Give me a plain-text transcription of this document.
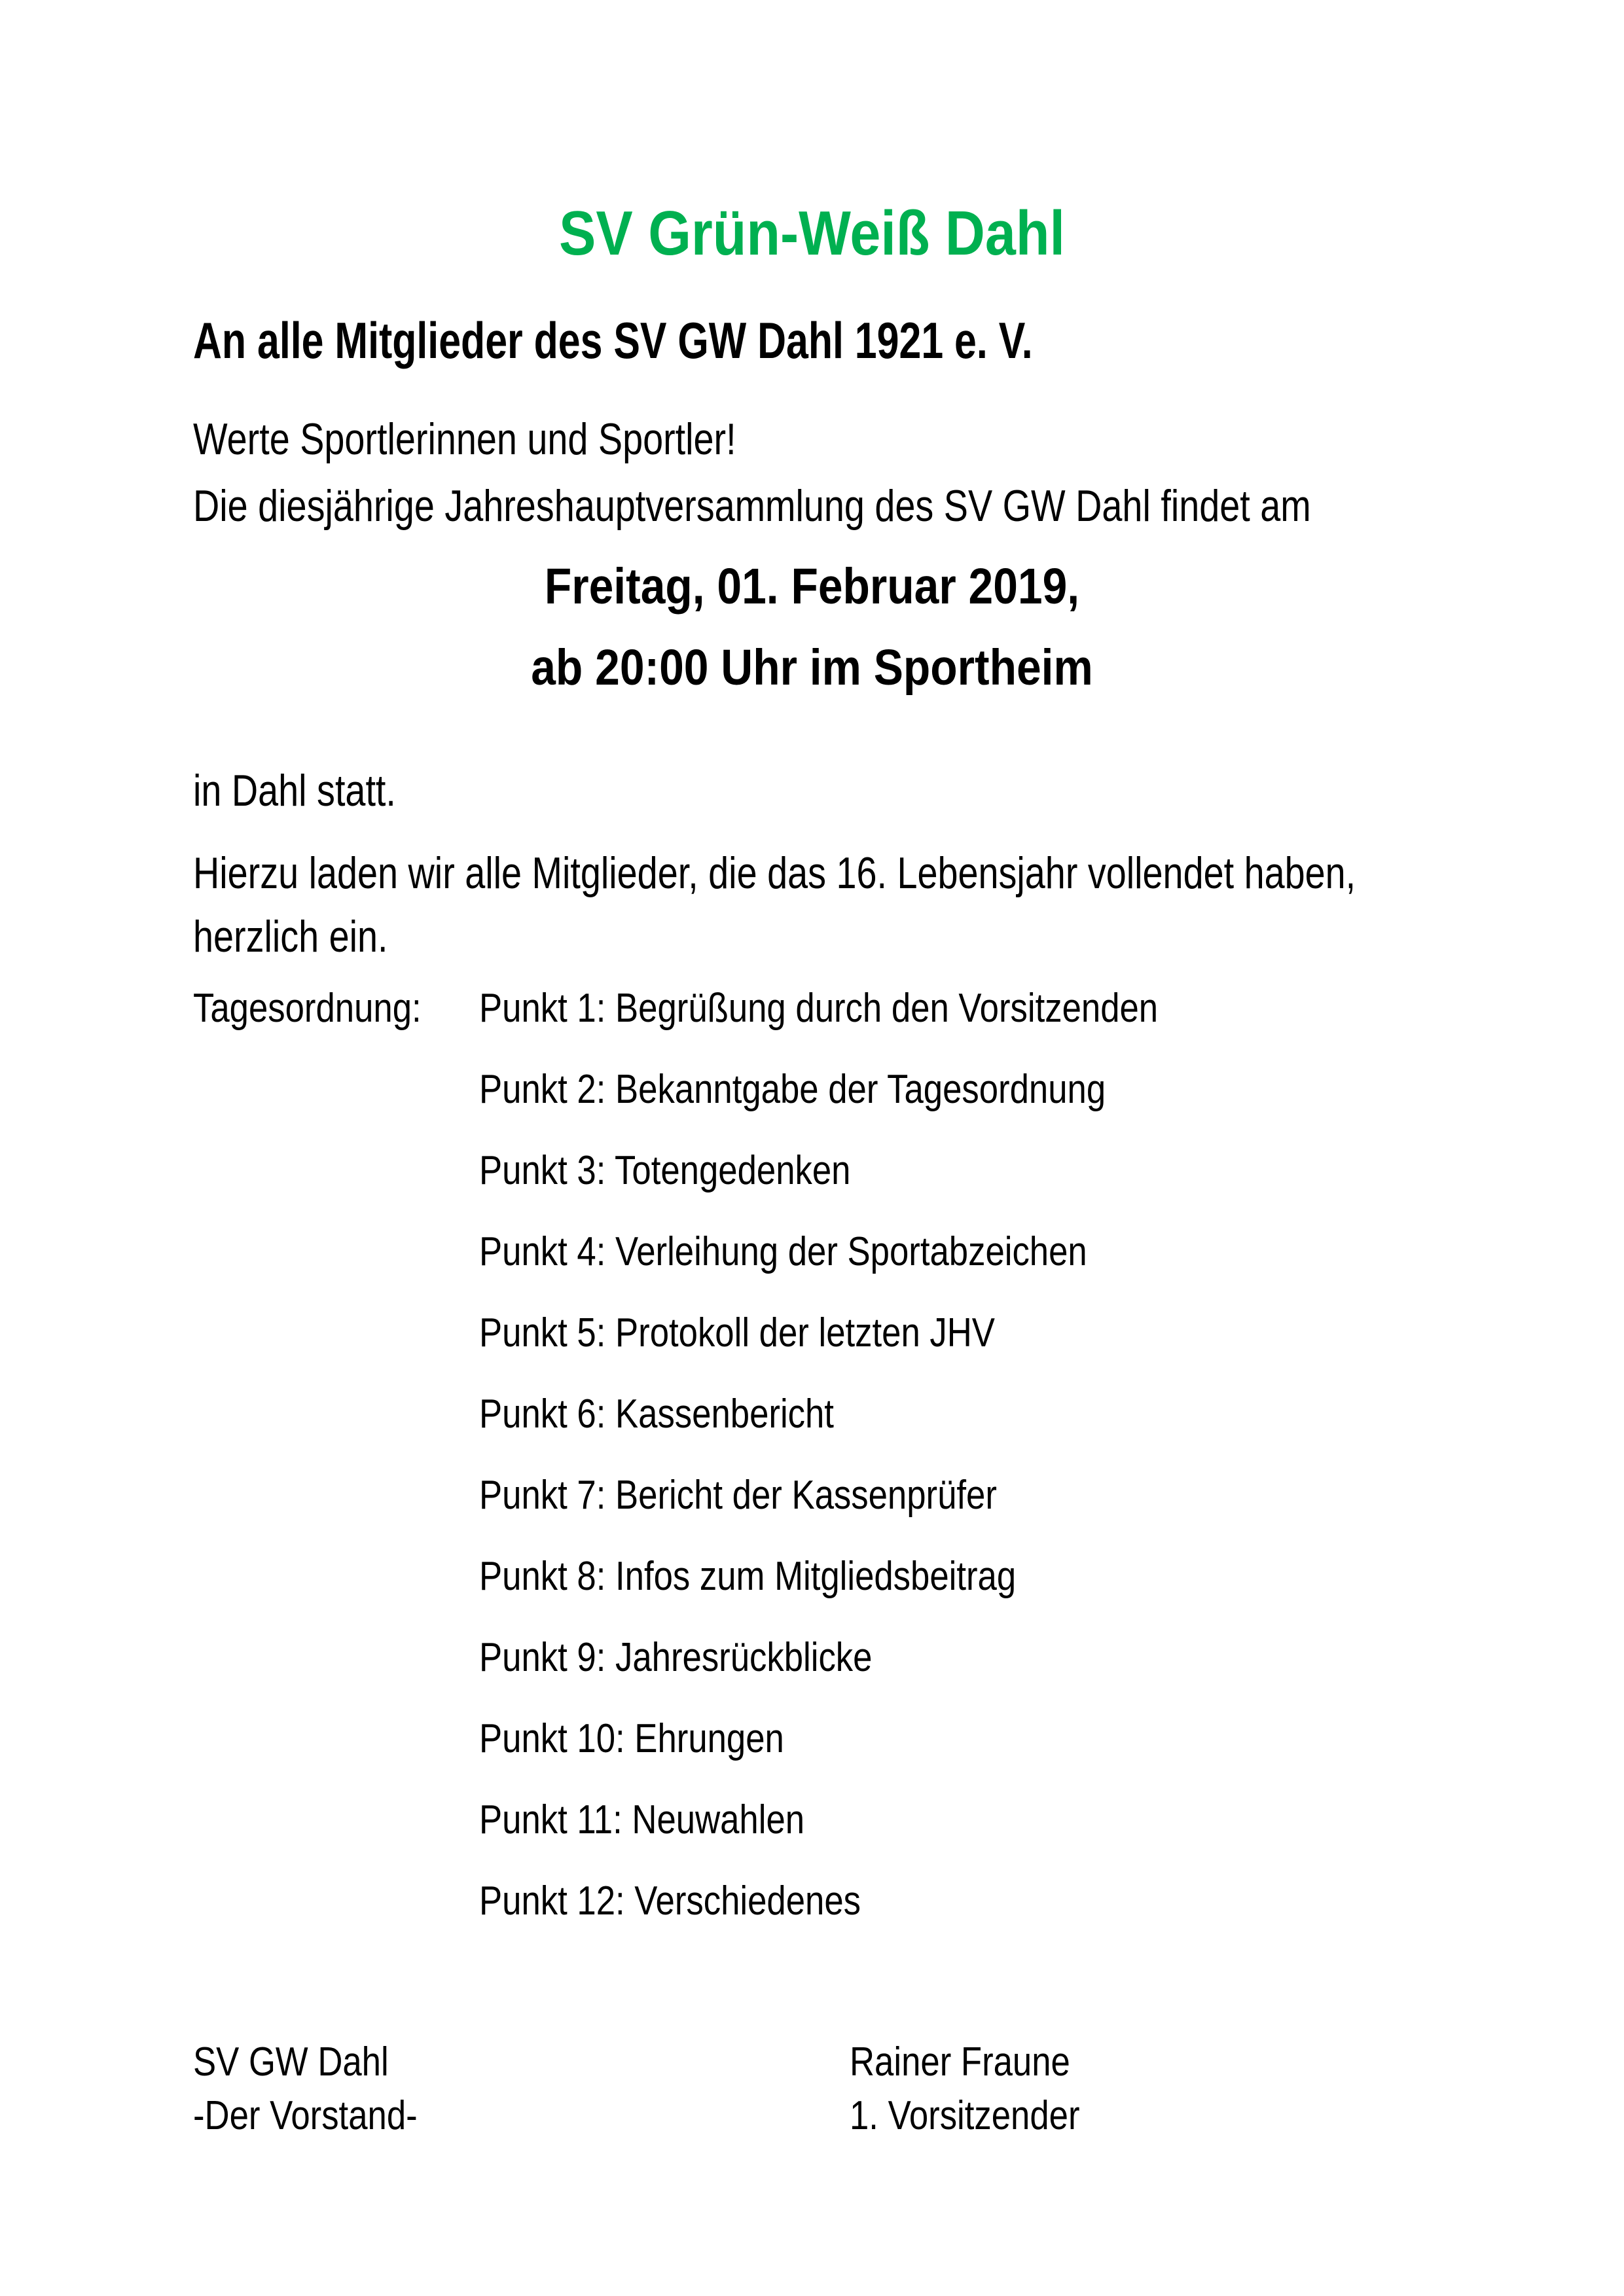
SV Grün-Weiß Dahl
An alle Mitglieder des SV GW Dahl 1921 e. V.
Werte Sportlerinnen und Sportler!
Die diesjährige Jahreshauptversammlung des SV GW Dahl findet am
Freitag, 01. Februar 2019,
ab 20:00 Uhr im Sportheim
in Dahl statt.
Hierzu laden wir alle Mitglieder, die das 16. Lebensjahr vollendet haben,
herzlich ein.
Tagesordnung: Punkt 1: Begrüßung durch den Vorsitzenden
Punkt 2: Bekanntgabe der Tagesordnung
Punkt 3: Totengedenken
Punkt 4: Verleihung der Sportabzeichen
Punkt 5: Protokoll der letzten JHV
Punkt 6: Kassenbericht
Punkt 7: Bericht der Kassenprüfer
Punkt 8: Infos zum Mitgliedsbeitrag
Punkt 9: Jahresrückblicke
Punkt 10: Ehrungen
Punkt 11: Neuwahlen
Punkt 12: Verschiedenes
SV GW Dahl
-Der Vorstand-
Rainer Fraune
1. Vorsitzender
